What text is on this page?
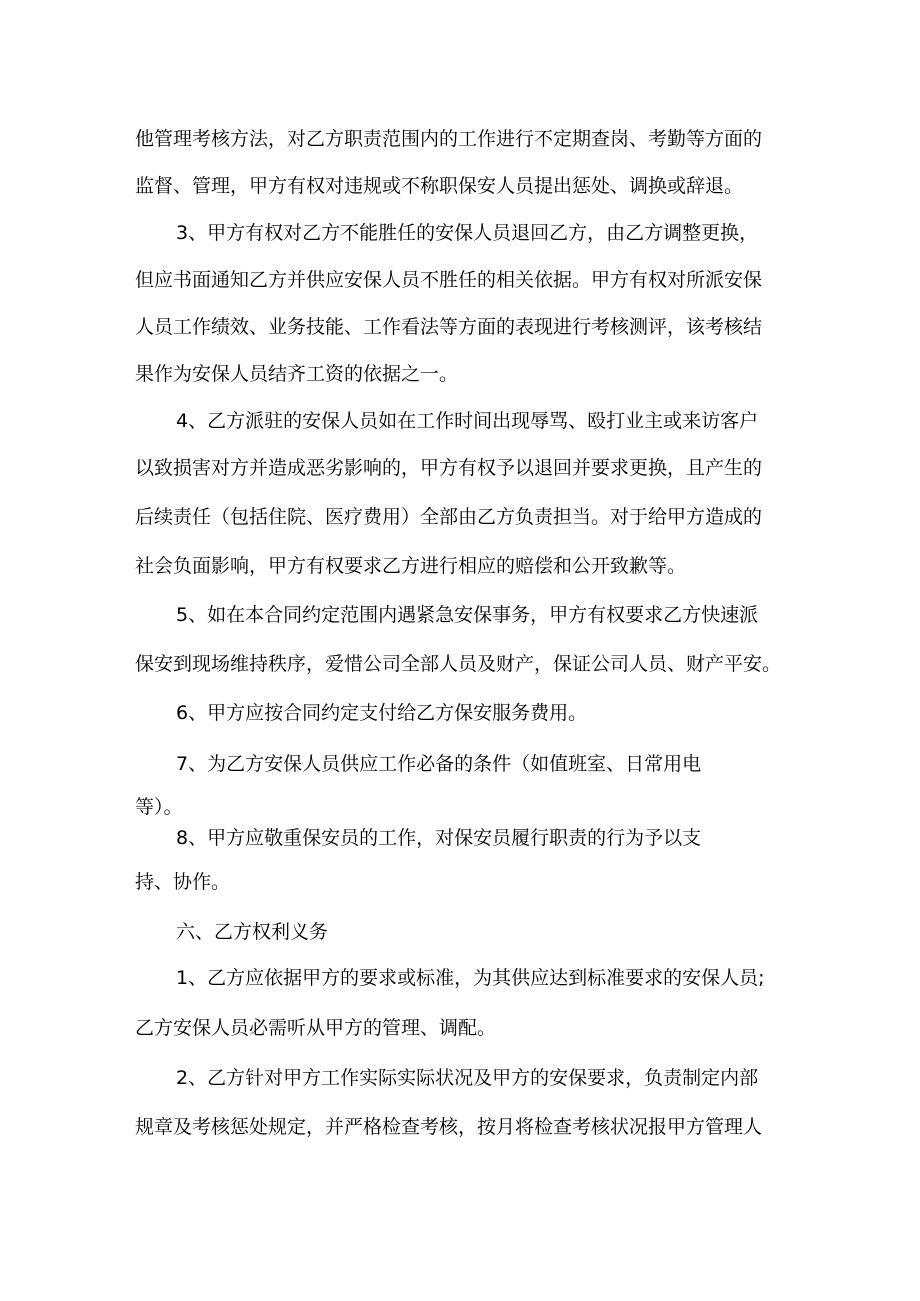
他管理考核方法，对乙方职责范围内的工作进行不定期查岗、考勤等方面的
监督、管理，甲方有权对违规或不称职保安人员提出惩处、调换或辞退。
3、甲方有权对乙方不能胜任的安保人员退回乙方，由乙方调整更换，
但应书面通知乙方并供应安保人员不胜任的相关依据。甲方有权对所派安保
人员工作绩效、业务技能、工作看法等方面的表现进行考核测评，该考核结
果作为安保人员结齐工资的依据之一。
4、乙方派驻的安保人员如在工作时间出现辱骂、殴打业主或来访客户
以致损害对方并造成恶劣影响的，甲方有权予以退回并要求更换，且产生的
后续责任（包括住院、医疗费用）全部由乙方负责担当。对于给甲方造成的
社会负面影响，甲方有权要求乙方进行相应的赔偿和公开致歉等。
5、如在本合同约定范围内遇紧急安保事务，甲方有权要求乙方快速派
保安到现场维持秩序，爱惜公司全部人员及财产，保证公司人员、财产平安。
6、甲方应按合同约定支付给乙方保安服务费用。
7、为乙方安保人员供应工作必备的条件（如值班室、日常用电
等）。
8、甲方应敬重保安员的工作，对保安员履行职责的行为予以支
持、协作。
六、乙方权利义务
1、乙方应依据甲方的要求或标准，为其供应达到标准要求的安保人员;
乙方安保人员必需听从甲方的管理、调配。
2、乙方针对甲方工作实际实际状况及甲方的安保要求，负责制定内部
规章及考核惩处规定，并严格检查考核，按月将检查考核状况报甲方管理人
